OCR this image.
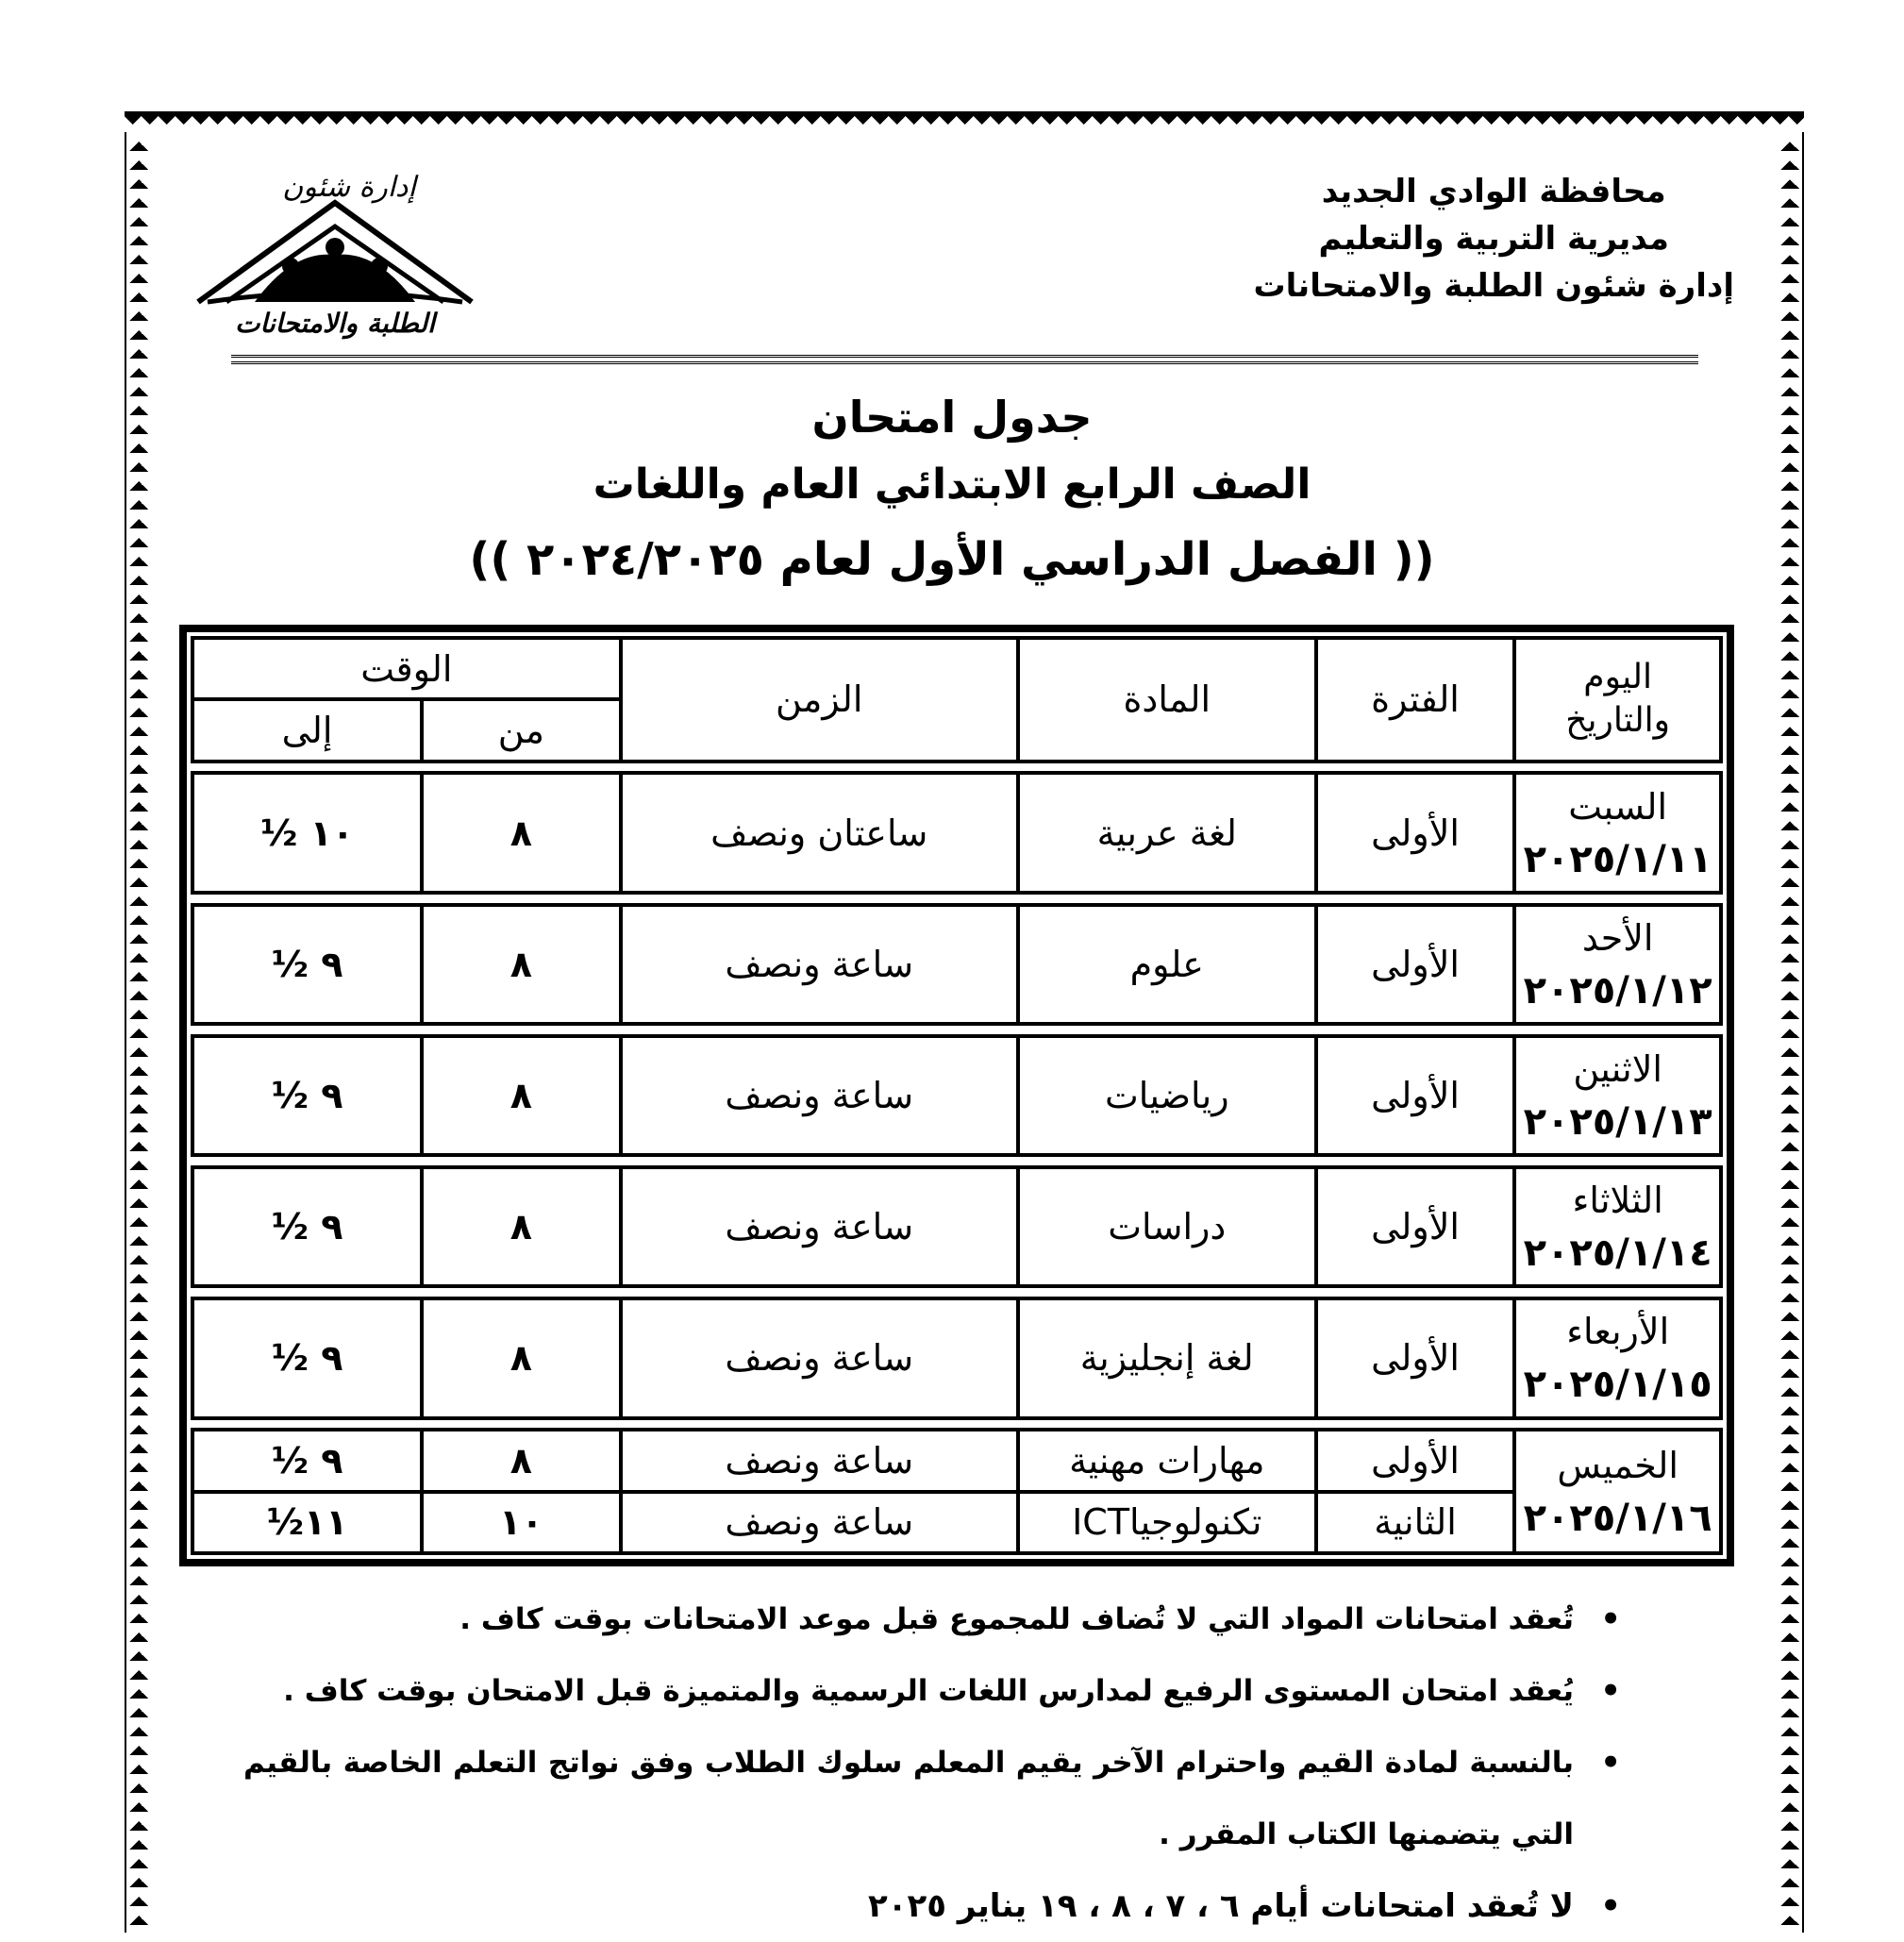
إدارة شئون
الطلبة والامتحانات
محافظة الوادي الجديد
مديرية التربية والتعليم
إدارة شئون الطلبة والامتحانات
جدول امتحان
الصف الرابع الابتدائي العام واللغات
(( الفصل الدراسي الأول لعام ٢٠٢٤/٢٠٢٥ ))
اليوم والتاريخ	الفترة	المادة	الزمن	الوقت	
				من	إلى

السبت
٢٠٢٥/١/١١	الأولى	لغة عربية	ساعتان ونصف	٨	١٠ ½

الأحد
٢٠٢٥/١/١٢	الأولى	علوم	ساعة ونصف	٨	٩ ½

الاثنين
٢٠٢٥/١/١٣	الأولى	رياضيات	ساعة ونصف	٨	٩ ½

الثلاثاء
٢٠٢٥/١/١٤	الأولى	دراسات	ساعة ونصف	٨	٩ ½

الأربعاء
٢٠٢٥/١/١٥	الأولى	لغة إنجليزية	ساعة ونصف	٨	٩ ½

الخميس
٢٠٢٥/١/١٦	الأولى	مهارات مهنية	ساعة ونصف	٨	٩ ½
	الثانية	تكنولوجياICT	ساعة ونصف	١٠	١١½
• تُعقد امتحانات المواد التي لا تُضاف للمجموع قبل موعد الامتحانات بوقت كاف .
• يُعقد امتحان المستوى الرفيع لمدارس اللغات الرسمية والمتميزة قبل الامتحان بوقت كاف .
• بالنسبة لمادة القيم واحترام الآخر يقيم المعلم سلوك الطلاب وفق نواتج التعلم الخاصة بالقيم التي يتضمنها الكتاب المقرر .
• لا تُعقد امتحانات أيام ٦ ، ٧ ، ٨ ، ١٩ يناير ٢٠٢٥
